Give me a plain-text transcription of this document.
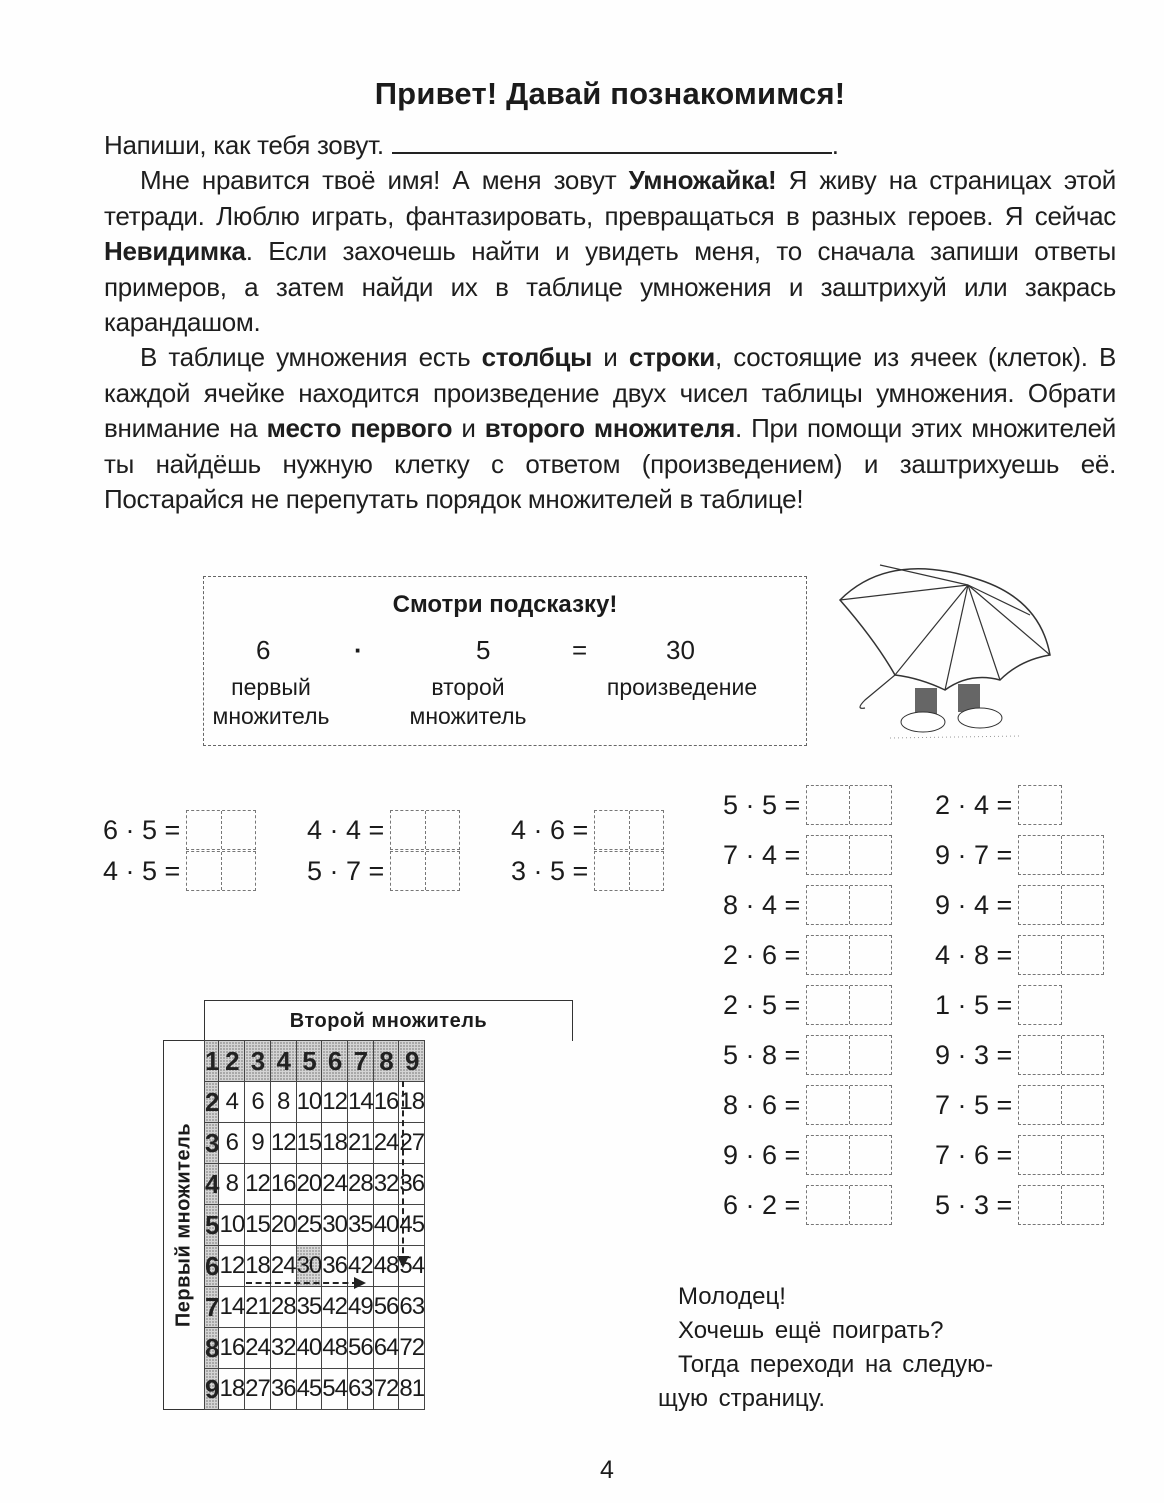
Привет! Давай познакомимся!
Напиши, как тебя зовут.	.
Мне нравится твоё имя! А меня зовут Умножайка! Я живу на страницах этой тетради. Люблю играть, фантазировать, превращаться в разных героев. Я сейчас Невидимка. Если захочешь найти и увидеть меня, то сначала запиши ответы примеров, а затем найди их в таблице умножения и заштрихуй или закрась карандашом.
В таблице умножения есть столбцы и строки, состоящие из ячеек (клеток). В каждой ячейке находится произведение двух чисел таблицы умножения. Обрати внимание на место первого и второго множителя. При помощи этих множителей ты найдёшь нужную клетку с ответом (произведением) и заштрихуешь её. Постарайся не перепутать порядок множителей в таблице!
Смотри подсказку!
6	·	5	=	30
первый
множитель
второй
множитель
произведение
6 · 5 =	4 · 4 =	4 · 6 =
4 · 5 =	5 · 7 =	3 · 5 =
5 · 5 =
7 · 4 =
8 · 4 =
2 · 6 =
2 · 5 =
5 · 8 =
8 · 6 =
9 · 6 =
6 · 2 =
2 · 4 =
9 · 7 =
9 · 4 =
4 · 8 =
1 · 5 =
9 · 3 =
7 · 5 =
7 · 6 =
5 · 3 =
Второй множитель
Первый множитель
1	2	3	4	5	6	7	8	9
2	4	6	8	10	12	14	16	18
3	6	9	12	15	18	21	24	27
4	8	12	16	20	24	28	32	36
5	10	15	20	25	30	35	40	45
6	12	18	24	30	36	42	48	54
7	14	21	28	35	42	49	56	63
8	16	24	32	40	48	56	64	72
9	18	27	36	45	54	63	72	81
Молодец!
Хочешь ещё поиграть?
Тогда переходи на следую-
щую страницу.
4
